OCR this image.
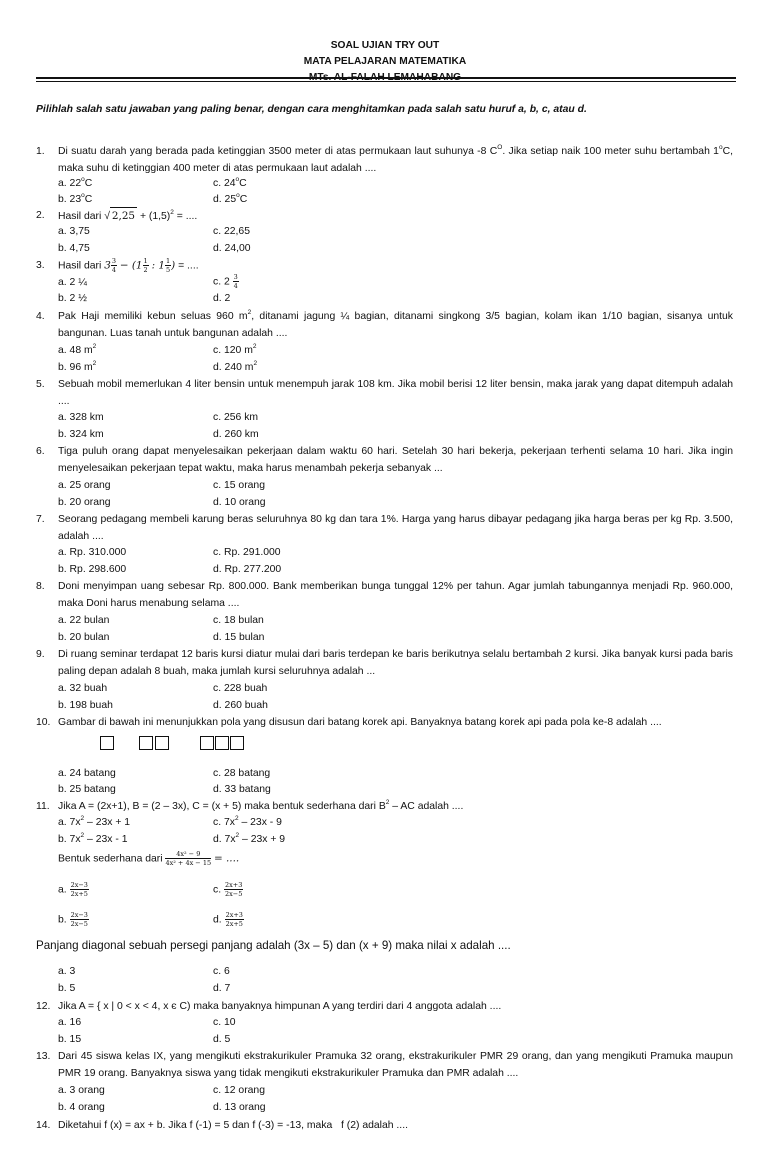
SOAL UJIAN TRY OUT
MATA PELAJARAN MATEMATIKA
Pilihlah salah satu jawaban yang paling benar, dengan cara menghitamkan pada salah satu huruf a, b, c, atau d.
1.	Di suatu darah yang berada pada ketinggian 3500 meter di atas permukaan laut suhunya -8 $C^O$. Jika setiap naik 100 meter suhu bertambah 1$^o$C, maka suhu di ketinggian 400 meter di atas permukaan laut adalah ....
a. 22$^o$C	c. 24$^o$C
b. 23$^o$C	d. 25$^o$C
2.	Hasil dari √ $2,25 + (1,5)^2$ = ....
a. 3,75	c. 22,65
b. 4,75	d. 24,00
3.	Hasil dari $3 \frac{3}{4} - (1 \frac{1}{2}$ : $1 \frac{1}{5}$ ) = ....
a. 2 ¼	c. $2 \frac{3}{4}$
b. 2 ½	d. 2
4.	Pak Haji memiliki kebun seluas 960 $m^2$, ditanami jagung ¼ bagian, ditanami singkong 3/5 bagian, kolam ikan 1/10 bagian, sisanya untuk bangunan. Luas tanah untuk bangunan adalah ....
a. 48 $m^2$	c. 120 $m^2$
b. 96 $m^2$	d. 240 $m^2$
5.	Sebuah mobil memerlukan 4 liter bensin untuk menempuh jarak 108 km. Jika mobil berisi 12 liter bensin, maka jarak yang dapat ditempuh adalah ....
a. 328 km	c. 256 km
b. 324 km	d. 260 km
6.	Tiga puluh orang dapat menyelesaikan pekerjaan dalam waktu 60 hari. Setelah 30 hari bekerja, pekerjaan terhenti selama 10 hari. Jika ingin menyelesaikan pekerjaan tepat waktu, maka harus menambah pekerja sebanyak ...
a. 25 orang	c. 15 orang
b. 20 orang	d. 10 orang
7.	Seorang pedagang membeli karung beras seluruhnya 80 kg dan tara 1%. Harga yang harus dibayar pedagang jika harga beras per kg Rp. 3.500, adalah ....
a. Rp. 310.000	c. Rp. 291.000
b. Rp. 298.600	d. Rp. 277.200
8.	Doni menyimpan uang sebesar Rp. 800.000. Bank memberikan bunga tunggal 12% per tahun. Agar jumlah tabungannya menjadi Rp. 960.000, maka Doni harus menabung selama ....
a. 22 bulan	c. 18 bulan
b. 20 bulan	d. 15 bulan
9.	Di ruang seminar terdapat 12 baris kursi diatur mulai dari baris terdepan ke baris berikutnya selalu bertambah 2 kursi. Jika banyak kursi pada baris paling depan adalah 8 buah, maka jumlah kursi seluruhnya adalah ...
a. 32 buah	c. 228 buah
b. 198 buah	d. 260 buah
10. Gambar di bawah ini menunjukkan pola yang disusun dari batang korek api. Banyaknya batang korek api pada pola ke-8 adalah ....
a. 24 batang	c. 28 batang
b. 25 batang	d. 33 batang
11. Jika A = (2x+1), B = (2 – 3x), C = (x + 5) maka bentuk sederhana dari $B^2$ – AC adalah ....
a. $7x^2 - 23x + 1$	c. $7x^2 - 23x - 9$
b. $7x^2 - 23x - 1$	d. $7x^2 - 23x + 9$
Bentuk sederhana dari $\frac{\text{4x² − 9}}{\text{4x² + 4x − 15}}$ = ....
a. $\frac{2x-3}{2x+5}$	c. $\frac{2x+3}{2x-5}$
b. $\frac{2x-3}{2x-5}$	d. $\frac{2x+3}{2x+5}$
Panjang diagonal sebuah persegi panjang adalah (3x – 5) dan (x + 9) maka nilai x adalah ....
a. 3	c. 6
b. 5	d. 7
12. Jika A = { x | 0 < x < 4, x є C) maka banyaknya himpunan A yang terdiri dari 4 anggota adalah ....
a. 16	c. 10
b. 15	d. 5
13. Dari 45 siswa kelas IX, yang mengikuti ekstrakurikuler Pramuka 32 orang, ekstrakurikuler PMR 29 orang, dan yang mengikuti Pramuka maupun PMR 19 orang. Banyaknya siswa yang tidak mengikuti ekstrakurikuler Pramuka dan PMR adalah ....
a. 3 orang	c. 12 orang
b. 4 orang	d. 13 orang
14. Diketahui f (x) = ax + b. Jika f (-1) = 5 dan f (-3) = -13, maka   f (2) adalah ....
